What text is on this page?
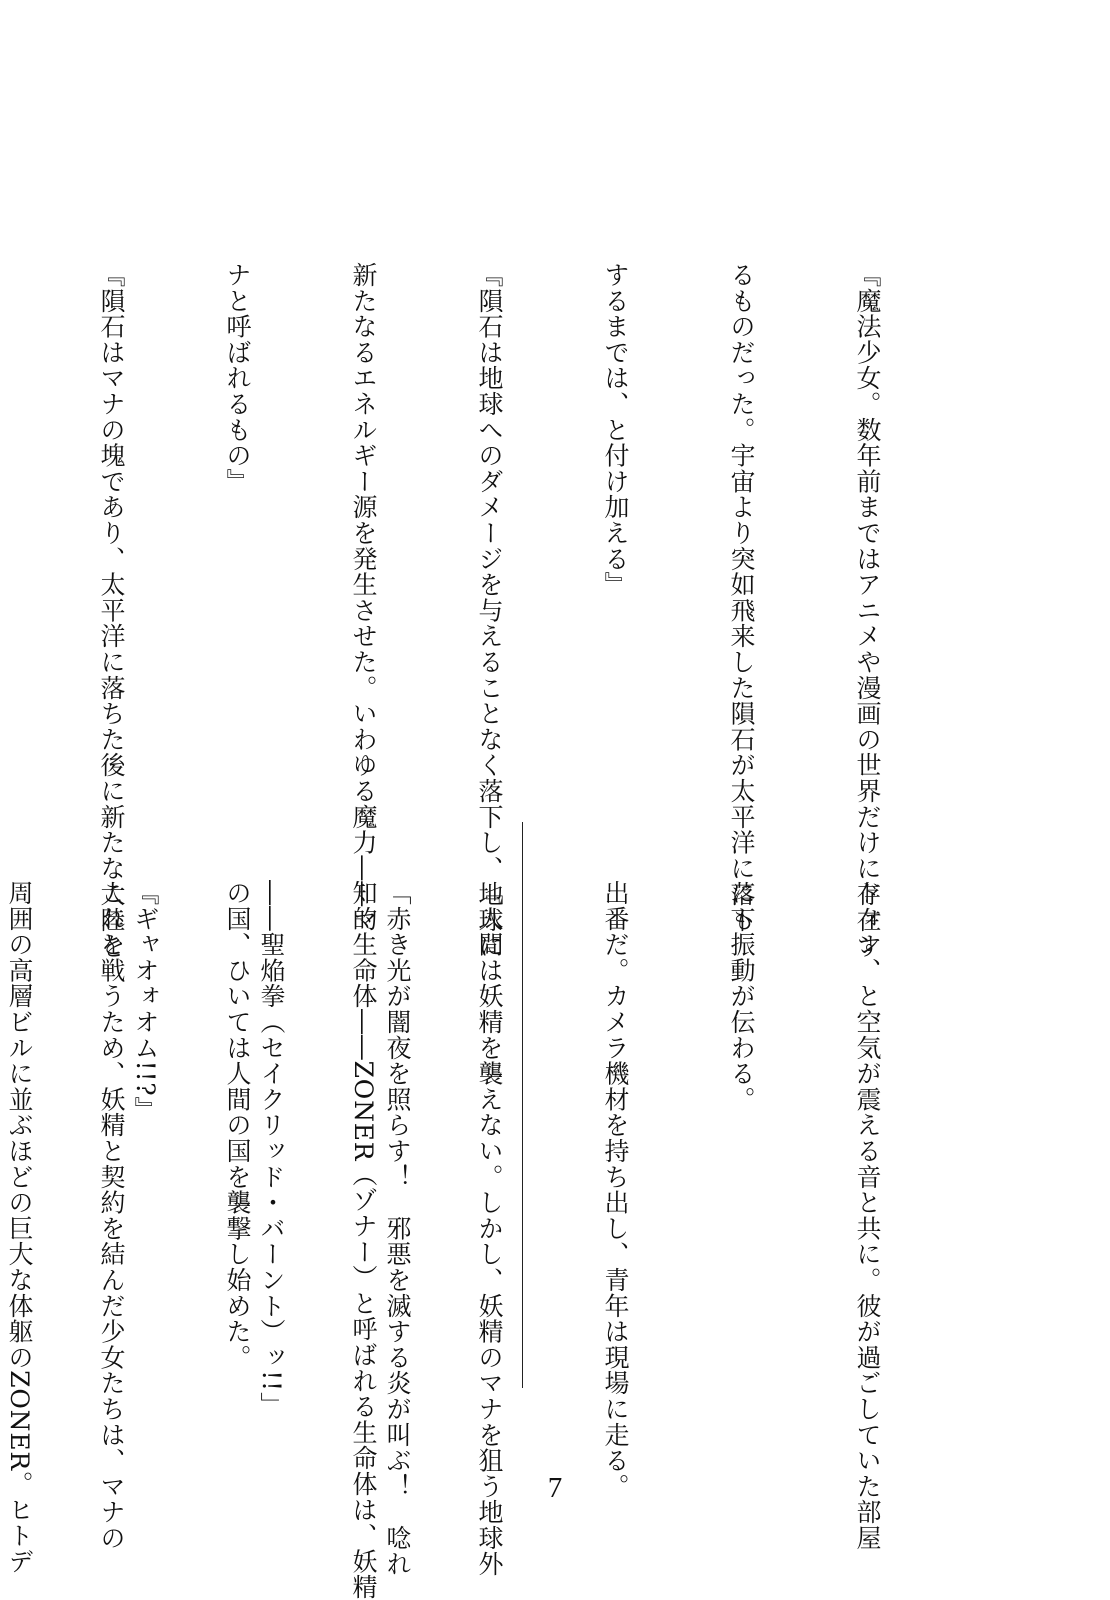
『魔法少女。数年前まではアニメや漫画の世界だけに存在す

るものだった。宇宙より突如飛来した隕石が太平洋に落下

するまでは、と付け加える』

『隕石は地球へのダメージを与えることなく落下し、地球に

新たなるエネルギー源を発生させた。いわゆる魔力――マ

ナと呼ばれるもの』

『隕石はマナの塊であり、太平洋に落ちた後に新たな大陸を

ドォン、と空気が震える音と共に。彼が過ごしていた部屋

にも振動が伝わる。

出番だ。カメラ機材を持ち出し、青年は現場に走る。

『人間は妖精を襲えない。しかし、妖精のマナを狙う地球外

知的生命体――ZONER（ゾナー）と呼ばれる生命体は、妖精

の国、ひいては人間の国を襲撃し始めた。

これと戦うため、妖精と契約を結んだ少女たちは、マナの

	「赤き光が闇夜を照らす！　邪悪を滅する炎が叫ぶ！　唸れ

――聖焔拳（セイクリッド・バーント）ッ!!」

『ギャオォオム!!?』

周囲の高層ビルに並ぶほどの巨大な体躯のZONER。ヒトデ

	7
